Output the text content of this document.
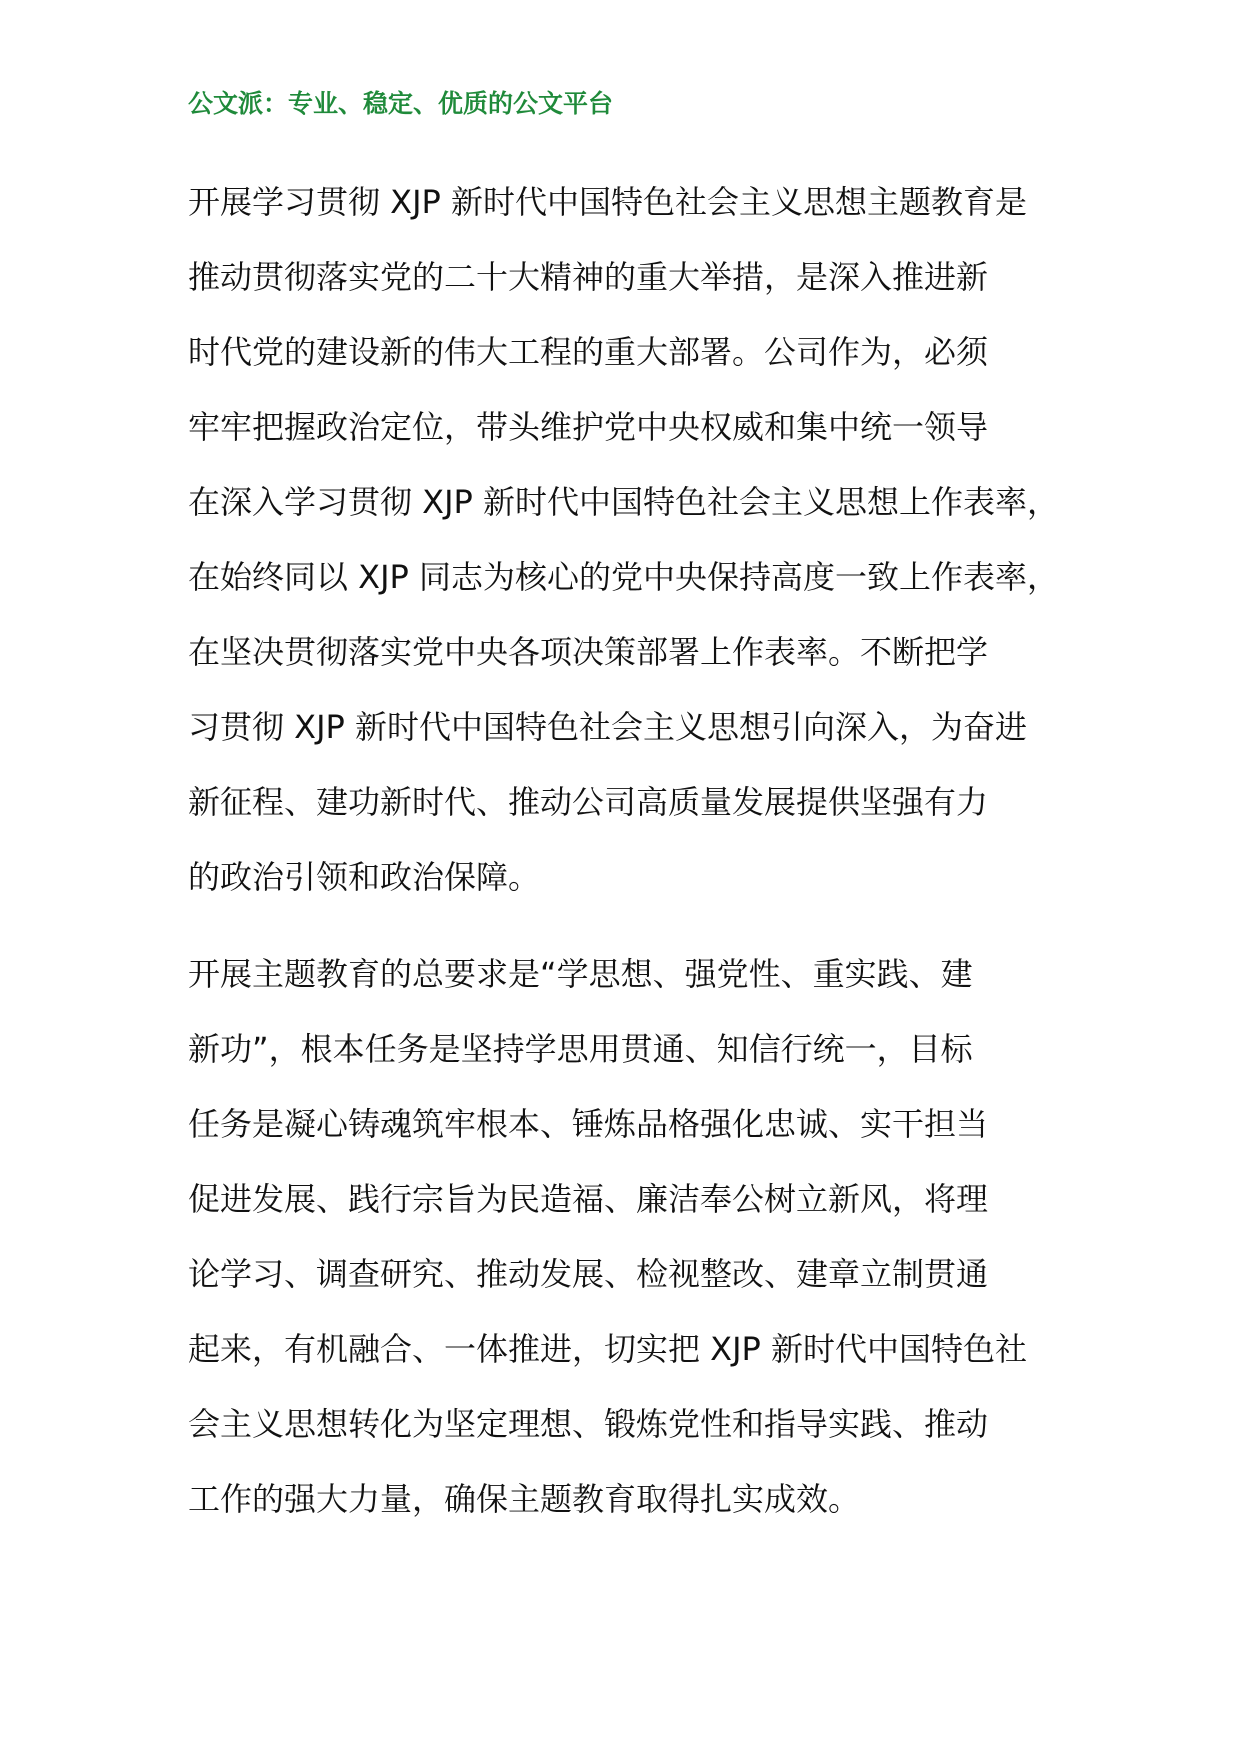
公文派：专业、稳定、优质的公文平台
开展学习贯彻 XJP 新时代中国特色社会主义思想主题教育是
推动贯彻落实党的二十大精神的重大举措，是深入推进新
时代党的建设新的伟大工程的重大部署。公司作为，必须
牢牢把握政治定位，带头维护党中央权威和集中统一领导
在深入学习贯彻 XJP 新时代中国特色社会主义思想上作表率，
在始终同以 XJP 同志为核心的党中央保持高度一致上作表率，
在坚决贯彻落实党中央各项决策部署上作表率。不断把学
习贯彻 XJP 新时代中国特色社会主义思想引向深入，为奋进
新征程、建功新时代、推动公司高质量发展提供坚强有力
的政治引领和政治保障。
开展主题教育的总要求是“学思想、强党性、重实践、建
新功”，根本任务是坚持学思用贯通、知信行统一，目标
任务是凝心铸魂筑牢根本、锤炼品格强化忠诚、实干担当
促进发展、践行宗旨为民造福、廉洁奉公树立新风，将理
论学习、调查研究、推动发展、检视整改、建章立制贯通
起来，有机融合、一体推进，切实把 XJP 新时代中国特色社
会主义思想转化为坚定理想、锻炼党性和指导实践、推动
工作的强大力量，确保主题教育取得扎实成效。
